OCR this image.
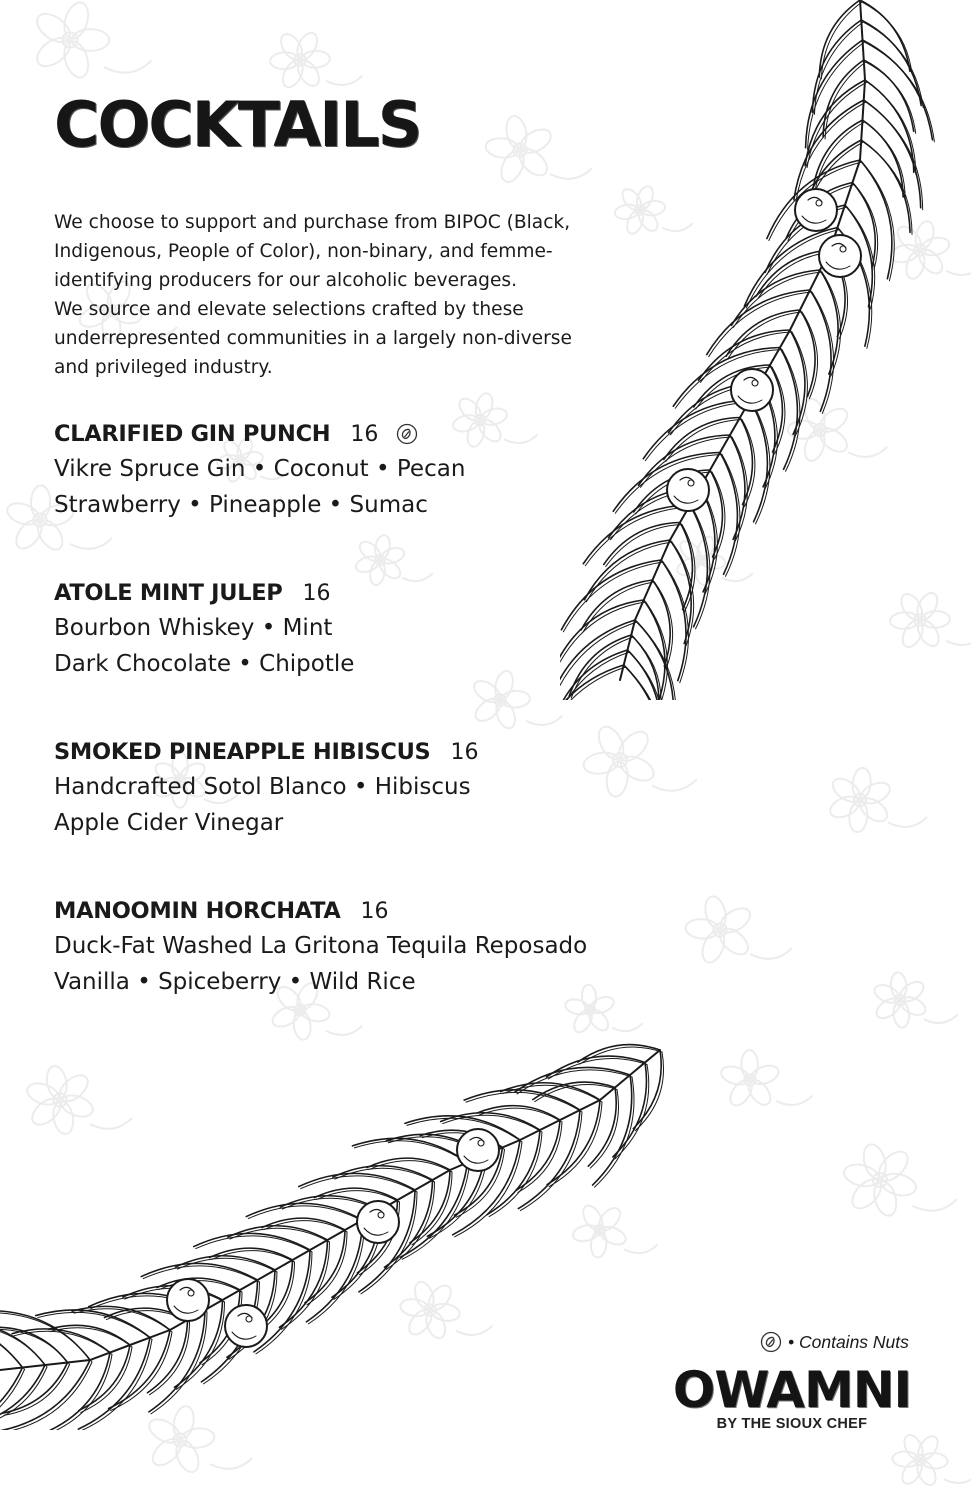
COCKTAILS

We choose to support and purchase from BIPOC (Black, Indigenous, People of Color), non-binary, and femme-identifying producers for our alcoholic beverages.

We source and elevate selections crafted by these underrepresented communities in a largely non-diverse and privileged industry.

CLARIFIED GIN PUNCH 16
Vikre Spruce Gin • Coconut • Pecan
Strawberry • Pineapple • Sumac
ATOLE MINT JULEP 16
Bourbon Whiskey • Mint
Dark Chocolate • Chipotle
SMOKED PINEAPPLE HIBISCUS 16
Handcrafted Sotol Blanco • Hibiscus
Apple Cider Vinegar
MANOOMIN HORCHATA 16
Duck-Fat Washed La Gritona Tequila Reposado
Vanilla • Spiceberry • Wild Rice
• Contains Nuts
OWAMNI
BY THE SIOUX CHEF
